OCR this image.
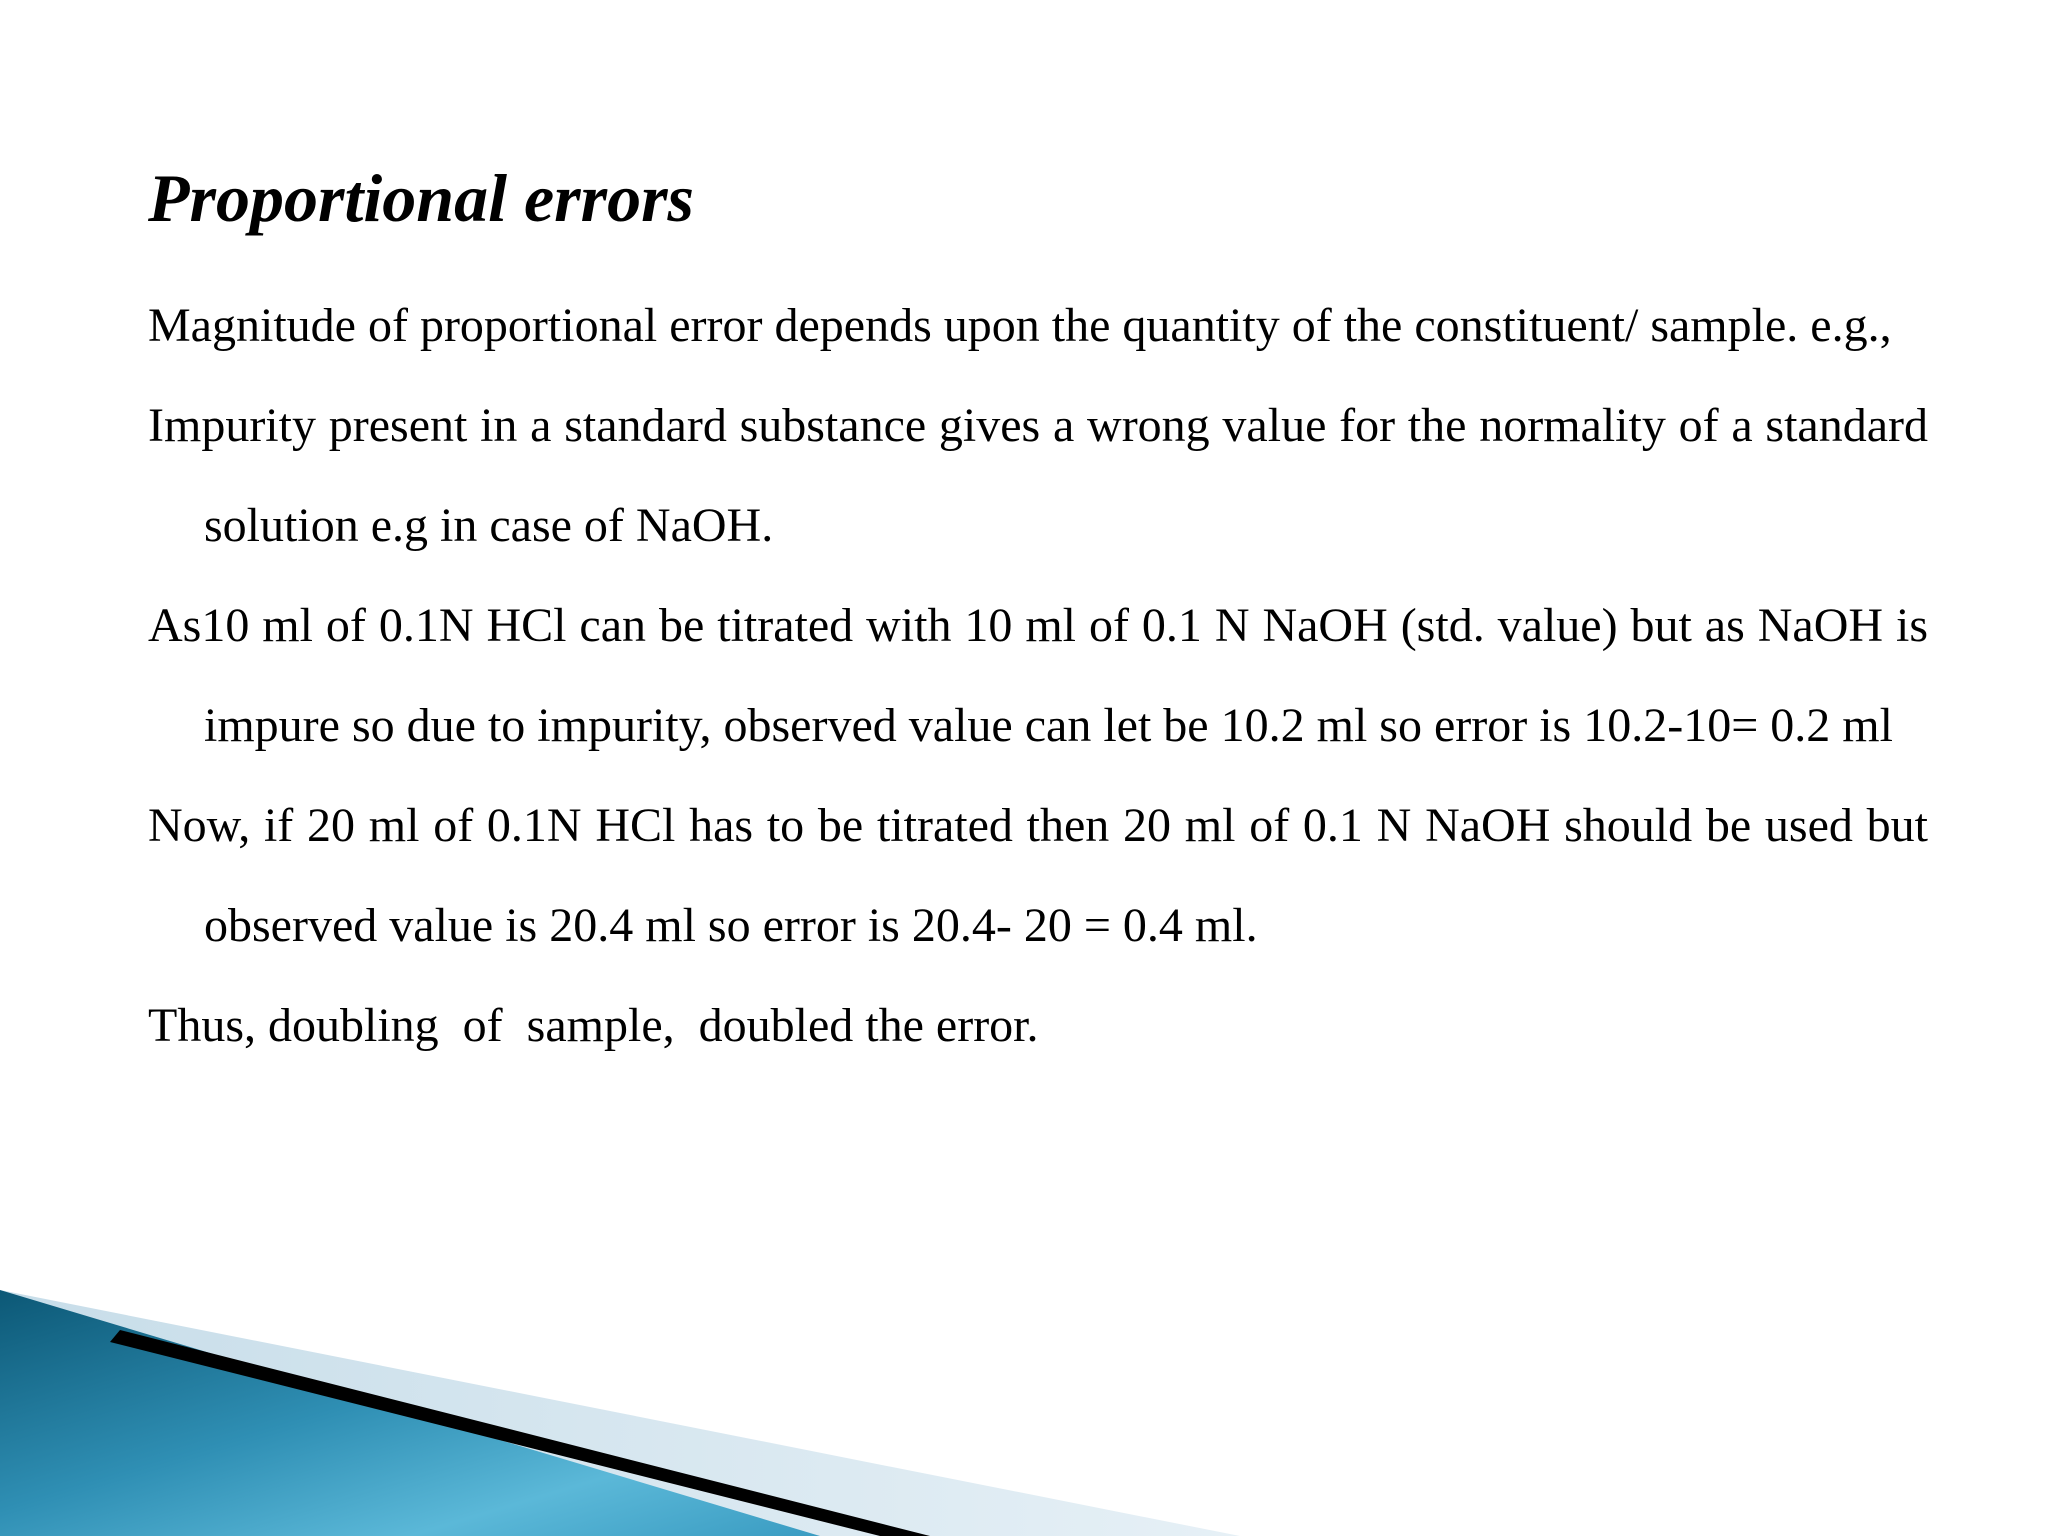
Proportional errors

Magnitude of proportional error depends upon the quantity of the constituent/ sample. e.g.,

Impurity present in a standard substance gives a wrong value for the normality of a standard solution e.g in case of NaOH.

As10 ml of 0.1N HCl can be titrated with 10 ml of 0.1 N NaOH (std. value) but as NaOH is impure so due to impurity, observed value can let be 10.2 ml so error is 10.2-10= 0.2 ml

Now, if 20 ml of 0.1N HCl has to be titrated then 20 ml of 0.1 N NaOH should be used but observed value is 20.4 ml so error is 20.4- 20 = 0.4 ml.

Thus, doubling  of  sample,  doubled the error.
